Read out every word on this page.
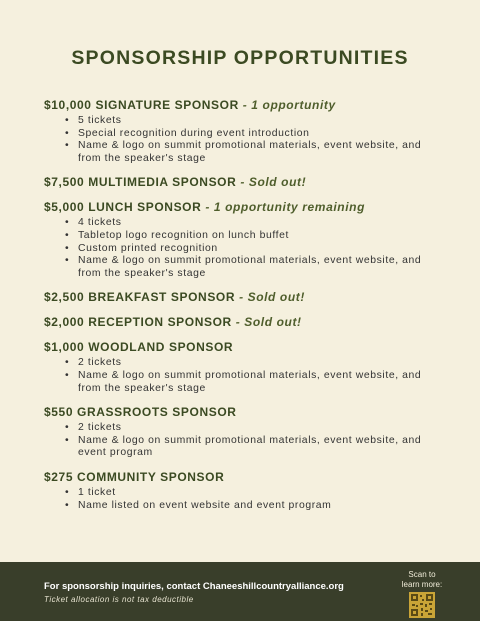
SPONSORSHIP OPPORTUNITIES
$10,000 SIGNATURE SPONSOR - 1 opportunity
• 5 tickets
• Special recognition during event introduction
• Name & logo on summit promotional materials, event website, and from the speaker's stage
$7,500 MULTIMEDIA SPONSOR - Sold out!
$5,000 LUNCH SPONSOR - 1 opportunity remaining
• 4 tickets
• Tabletop logo recognition on lunch buffet
• Custom printed recognition
• Name & logo on summit promotional materials, event website, and from the speaker's stage
$2,500 BREAKFAST SPONSOR - Sold out!
$2,000 RECEPTION SPONSOR - Sold out!
$1,000 WOODLAND SPONSOR
• 2 tickets
• Name & logo on summit promotional materials, event website, and from the speaker's stage
$550 GRASSROOTS SPONSOR
• 2 tickets
• Name & logo on summit promotional materials, event website, and event program
$275 COMMUNITY SPONSOR
• 1 ticket
• Name listed on event website and event program
For sponsorship inquiries, contact Chaneeshillcountryalliance.org
Ticket allocation is not tax deductible
Scan to
learn more:
